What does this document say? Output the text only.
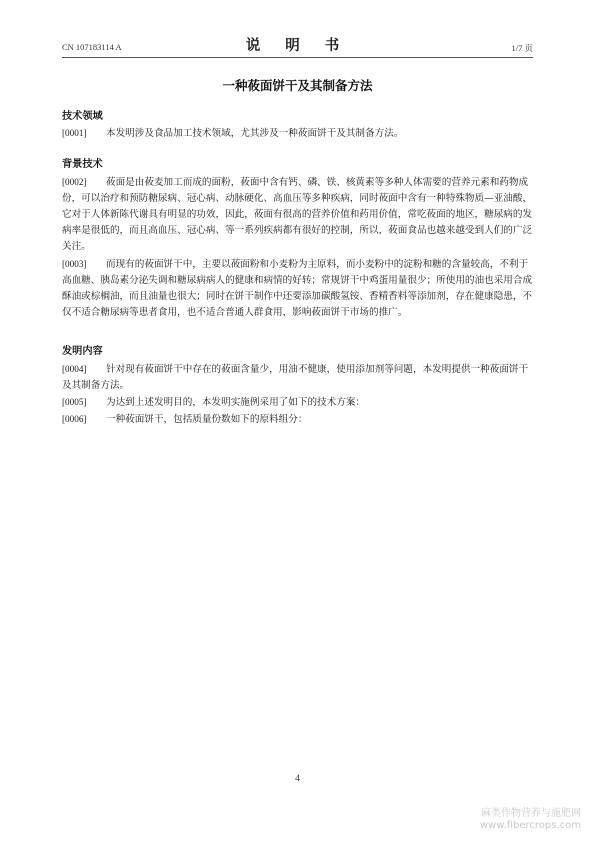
CN 107183114 A	说 明 书	1/7 页
一种莜面饼干及其制备方法
技术领域
[0001] 本发明涉及食品加工技术领域，尤其涉及一种莜面饼干及其制备方法。
背景技术
[0002] 莜面是由莜麦加工而成的面粉，莜面中含有钙、磷、铁、核黄素等多种人体需要的营养元素和药物成份，可以治疗和预防糖尿病、冠心病、动脉硬化、高血压等多种疾病，同时莜面中含有一种特殊物质—亚油酸，它对于人体新陈代谢具有明显的功效，因此，莜面有很高的营养价值和药用价值，常吃莜面的地区，糖尿病的发病率是很低的，而且高血压、冠心病、等一系列疾病都有很好的控制，所以，莜面食品也越来越受到人们的广泛关注。
[0003] 而现有的莜面饼干中，主要以莜面粉和小麦粉为主原料，而小麦粉中的淀粉和糖的含量较高，不利于高血糖、胰岛素分泌失调和糖尿病病人的健康和病情的好转；常规饼干中鸡蛋用量很少；所使用的油也采用合成酥油或棕榈油，而且油量也很大；同时在饼干制作中还要添加碳酸氢铵、香精香料等添加剂，存在健康隐患，不仅不适合糖尿病等患者食用，也不适合普通人群食用，影响莜面饼干市场的推广。
发明内容
[0004] 针对现有莜面饼干中存在的莜面含量少，用油不健康，使用添加剂等问题，本发明提供一种莜面饼干及其制备方法。
[0005] 为达到上述发明目的，本发明实施例采用了如下的技术方案：
[0006] 一种莜面饼干，包括质量份数如下的原料组分：
4
麻类作物营养与施肥网
www.fibercrops.com
